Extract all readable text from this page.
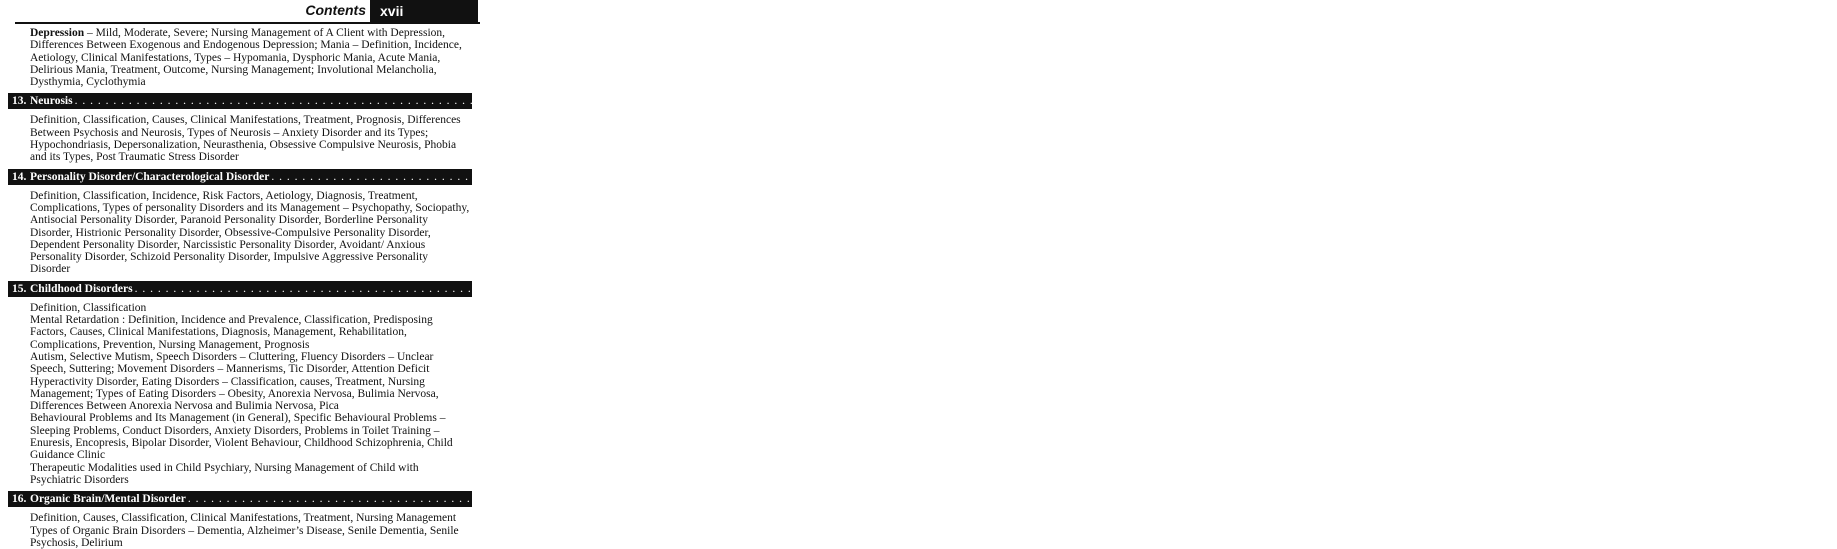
Contents	xvii

Depression – Mild, Moderate, Severe; Nursing Management of A Client with Depression, Differences Between Exogenous and Endogenous Depression; Mania – Definition, Incidence, Aetiology, Clinical Manifestations, Types – Hypomania, Dysphoric Mania, Acute Mania, Delirious Mania, Treatment, Outcome, Nursing Management; Involutional Melancholia, Dysthymia, Cyclothymia

13. Neurosis . . . . . . . . . . . . . . . . . . . . . . . . . . . . . . . . . . . . . . . . . . . . . . . . . . . . . . . . . . . . . . . . . . . . . . . . . . . . . . . . . . . . . . . . . . . . . . . . . . . . . . . . . . . . . . . . . . . . . . . . . . . . . . . . . . . . . . . . . . . . . . . . . . . . . . . . . . . . . . . . . . . . . . . . . . . . . . . . . . . . . . . . . . . . . . . . . . . . . . . . 415

Definition, Classification, Causes, Clinical Manifestations, Treatment, Prognosis, Differences Between Psychosis and Neurosis, Types of Neurosis – Anxiety Disorder and its Types; Hypochondriasis, Depersonalization, Neurasthenia, Obsessive Compulsive Neurosis, Phobia and its Types, Post Traumatic Stress Disorder

14. Personality Disorder/Characterological Disorder . . . . . . . . . . . . . . . . . . . . . . . . . . . . . . . . . . . . . . . . . . . . . . . . . . . . . . . . . . . . . . . . . . . . . . . . . . . . . . . . . . . . . . . . . . . . . . . . . . . . . . . . . . . . . . . . . . . . . . . . . . . . . . . . . . . . . . . . . . . . . . . . . . . . . . . . . . . . . . . . . . . . . . . . . . . . . . . . . . . . . . . . . . . . . . . . . . . . . . . . 444

Definition, Classification, Incidence, Risk Factors, Aetiology, Diagnosis, Treatment, Complications, Types of personality Disorders and its Management – Psychopathy, Sociopathy, Antisocial Personality Disorder, Paranoid Personality Disorder, Borderline Personality Disorder, Histrionic Personality Disorder, Obsessive-Compulsive Personality Disorder, Dependent Personality Disorder, Narcissistic Personality Disorder, Avoidant/ Anxious Personality Disorder, Schizoid Personality Disorder, Impulsive Aggressive Personality Disorder

15. Childhood Disorders . . . . . . . . . . . . . . . . . . . . . . . . . . . . . . . . . . . . . . . . . . . . . . . . . . . . . . . . . . . . . . . . . . . . . . . . . . . . . . . . . . . . . . . . . . . . . . . . . . . . . . . . . . . . . . . . . . . . . . . . . . . . . . . . . . . . . . . . . . . . . . . . . . . . . . . . . . . . . . . . . . . . . . . . . . . . . . . . . . . . . . . . . . . . . . . . . . . . . . . . 465

Definition, Classification

Mental Retardation : Definition, Incidence and Prevalence, Classification, Predisposing Factors, Causes, Clinical Manifestations, Diagnosis, Management, Rehabilitation, Complications, Prevention, Nursing Management, Prognosis

Autism, Selective Mutism, Speech Disorders – Cluttering, Fluency Disorders – Unclear Speech, Suttering; Movement Disorders – Mannerisms, Tic Disorder, Attention Deficit Hyperactivity Disorder, Eating Disorders – Classification, causes, Treatment, Nursing Management; Types of Eating Disorders – Obesity, Anorexia Nervosa, Bulimia Nervosa, Differences Between Anorexia Nervosa and Bulimia Nervosa, Pica

Behavioural Problems and Its Management (in General), Specific Behavioural Problems – Sleeping Problems, Conduct Disorders, Anxiety Disorders, Problems in Toilet Training – Enuresis, Encopresis, Bipolar Disorder, Violent Behaviour, Childhood Schizophrenia, Child Guidance Clinic

Therapeutic Modalities used in Child Psychiary, Nursing Management of Child with Psychiatric Disorders

16. Organic Brain/Mental Disorder . . . . . . . . . . . . . . . . . . . . . . . . . . . . . . . . . . . . . . . . . . . . . . . . . . . . . . . . . . . . . . . . . . . . . . . . . . . . . . . . . . . . . . . . . . . . . . . . . . . . . . . . . . . . . . . . . . . . . . . . . . . . . . . . . . . . . . . . . . . . . . . . . . . . . . . . . . . . . . . . . . . . . . . . . . . . . . . . . . . . . . . . . . . . . . . . . . . . . . . . 542

Definition, Causes, Classification, Clinical Manifestations, Treatment, Nursing Management Types of Organic Brain Disorders – Dementia, Alzheimer’s Disease, Senile Dementia, Senile Psychosis, Delirium
